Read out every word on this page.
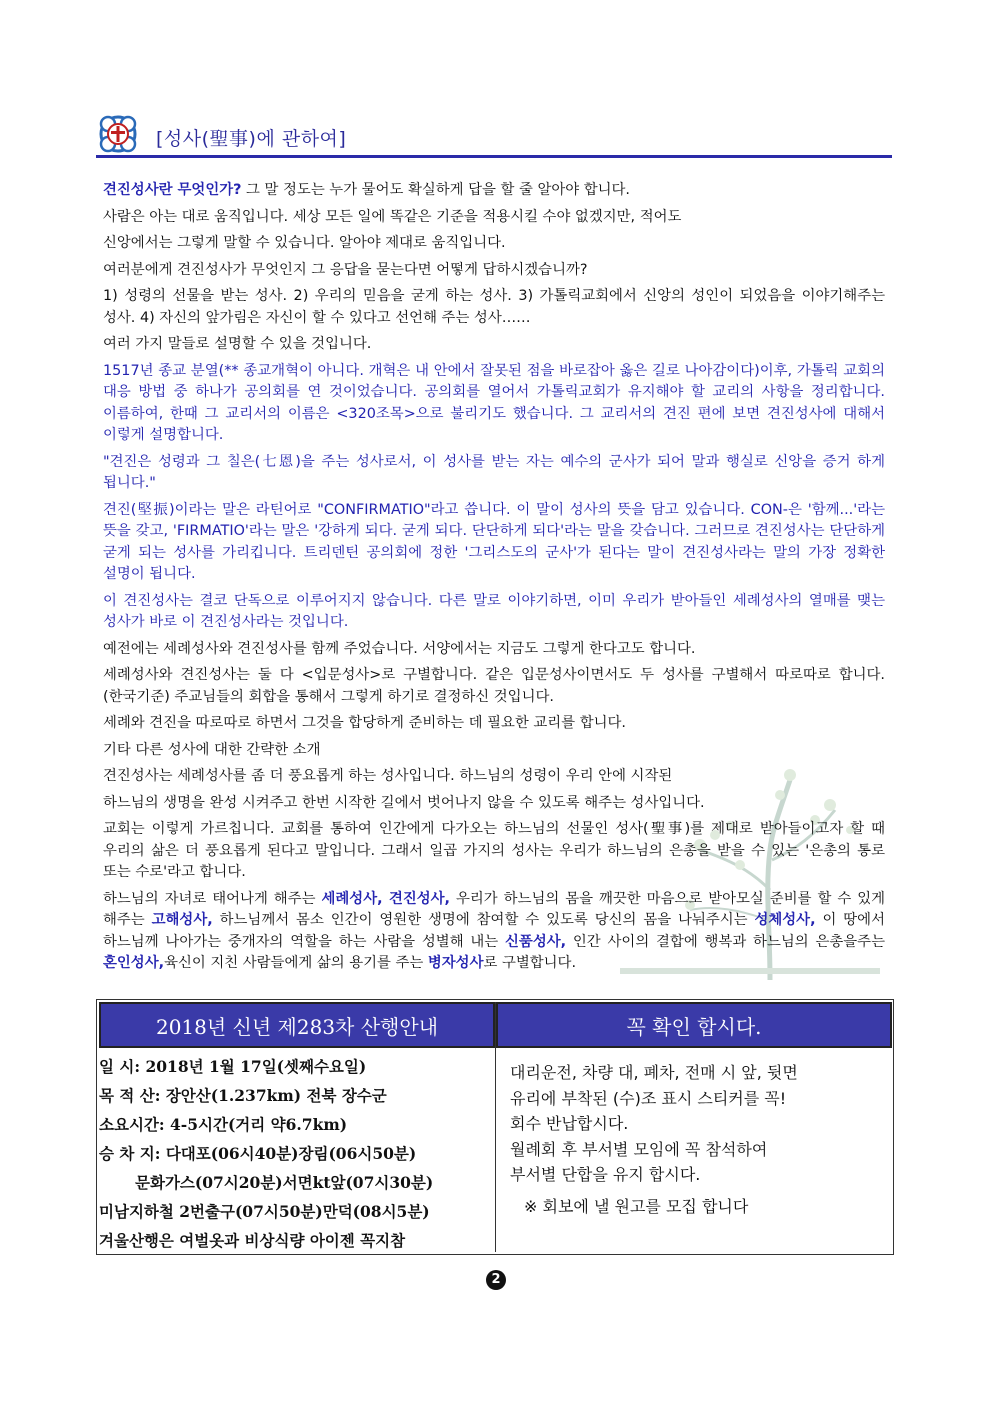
[성사(聖事)에 관하여]

견진성사란 무엇인가? 그 말 정도는 누가 물어도 확실하게 답을 할 줄 알아야 합니다.

사람은 아는 대로 움직입니다. 세상 모든 일에 똑같은 기준을 적용시킬 수야 없겠지만, 적어도

신앙에서는 그렇게 말할 수 있습니다. 알아야 제대로 움직입니다.

여러분에게 견진성사가 무엇인지 그 응답을 묻는다면 어떻게 답하시겠습니까?

1) 성령의 선물을 받는 성사. 2) 우리의 믿음을 굳게 하는 성사. 3) 가톨릭교회에서 신앙의 성인이 되었음을 이야기해주는 성사. 4) 자신의 앞가림은 자신이 할 수 있다고 선언해 주는 성사……

여러 가지 말들로 설명할 수 있을 것입니다.

1517년 종교 분열(** 종교개혁이 아니다. 개혁은 내 안에서 잘못된 점을 바로잡아 옳은 길로 나아감이다)이후, 가톨릭 교회의 대응 방법 중 하나가 공의회를 연 것이었습니다. 공의회를 열어서 가톨릭교회가 유지해야 할 교리의 사항을 정리합니다. 이름하여, 한때 그 교리서의 이름은 <320조목>으로 불리기도 했습니다. 그 교리서의 견진 편에 보면 견진성사에 대해서 이렇게 설명합니다.

"견진은 성령과 그 칠은(七恩)을 주는 성사로서, 이 성사를 받는 자는 예수의 군사가 되어 말과 행실로 신앙을 증거 하게 됩니다."

견진(堅振)이라는 말은 라틴어로 "CONFIRMATIO"라고 씁니다. 이 말이 성사의 뜻을 담고 있습니다. CON-은 '함께...'라는 뜻을 갖고, 'FIRMATIO'라는 말은 '강하게 되다. 굳게 되다. 단단하게 되다'라는 말을 갖습니다. 그러므로 견진성사는 단단하게 굳게 되는 성사를 가리킵니다. 트리덴틴 공의회에 정한 '그리스도의 군사'가 된다는 말이 견진성사라는 말의 가장 정확한 설명이 됩니다.

이 견진성사는 결코 단독으로 이루어지지 않습니다. 다른 말로 이야기하면, 이미 우리가 받아들인 세례성사의 열매를 맺는 성사가 바로 이 견진성사라는 것입니다.

예전에는 세례성사와 견진성사를 함께 주었습니다. 서양에서는 지금도 그렇게 한다고도 합니다.

세례성사와 견진성사는 둘 다 <입문성사>로 구별합니다. 같은 입문성사이면서도 두 성사를 구별해서 따로따로 합니다.(한국기준) 주교님들의 회합을 통해서 그렇게 하기로 결정하신 것입니다.

세례와 견진을 따로따로 하면서 그것을 합당하게 준비하는 데 필요한 교리를 합니다.

기타 다른 성사에 대한 간략한 소개

견진성사는 세례성사를 좀 더 풍요롭게 하는 성사입니다. 하느님의 성령이 우리 안에 시작된

하느님의 생명을 완성 시켜주고 한번 시작한 길에서 벗어나지 않을 수 있도록 해주는 성사입니다.

교회는 이렇게 가르칩니다. 교회를 통하여 인간에게 다가오는 하느님의 선물인 성사(聖事)를 제대로 받아들이고자 할 때 우리의 삶은 더 풍요롭게 된다고 말입니다. 그래서 일곱 가지의 성사는 우리가 하느님의 은총을 받을 수 있는 '은총의 통로 또는 수로'라고 합니다.

하느님의 자녀로 태어나게 해주는 세례성사, 견진성사, 우리가 하느님의 몸을 깨끗한 마음으로 받아모실 준비를 할 수 있게 해주는 고해성사, 하느님께서 몸소 인간이 영원한 생명에 참여할 수 있도록 당신의 몸을 나눠주시는 성체성사, 이 땅에서 하느님께 나아가는 중개자의 역할을 하는 사람을 성별해 내는 신품성사, 인간 사이의 결합에 행복과 하느님의 은총을주는 혼인성사,육신이 지친 사람들에게 삶의 용기를 주는 병자성사로 구별합니다.

2018년 신년 제283차 산행안내
일 시: 2018년 1월 17일(셋째수요일)
목 적 산: 장안산(1.237km) 전북 장수군
소요시간: 4-5시간(거리 약6.7km)
승 차 지: 다대포(06시40분)장림(06시50분)
문화가스(07시20분)서면kt앞(07시30분)
미남지하철 2번출구(07시50분)만덕(08시5분)
겨울산행은 여벌옷과 비상식량 아이젠 꼭지참
꼭 확인 합시다.
대리운전, 차량 대, 폐차, 전매 시 앞, 뒷면
유리에 부착된 (수)조 표시 스티커를 꼭!
회수 반납합시다.
월례회 후 부서별 모임에 꼭 참석하여
부서별 단합을 유지 합시다.
※ 회보에 낼 원고를 모집 합니다
2
